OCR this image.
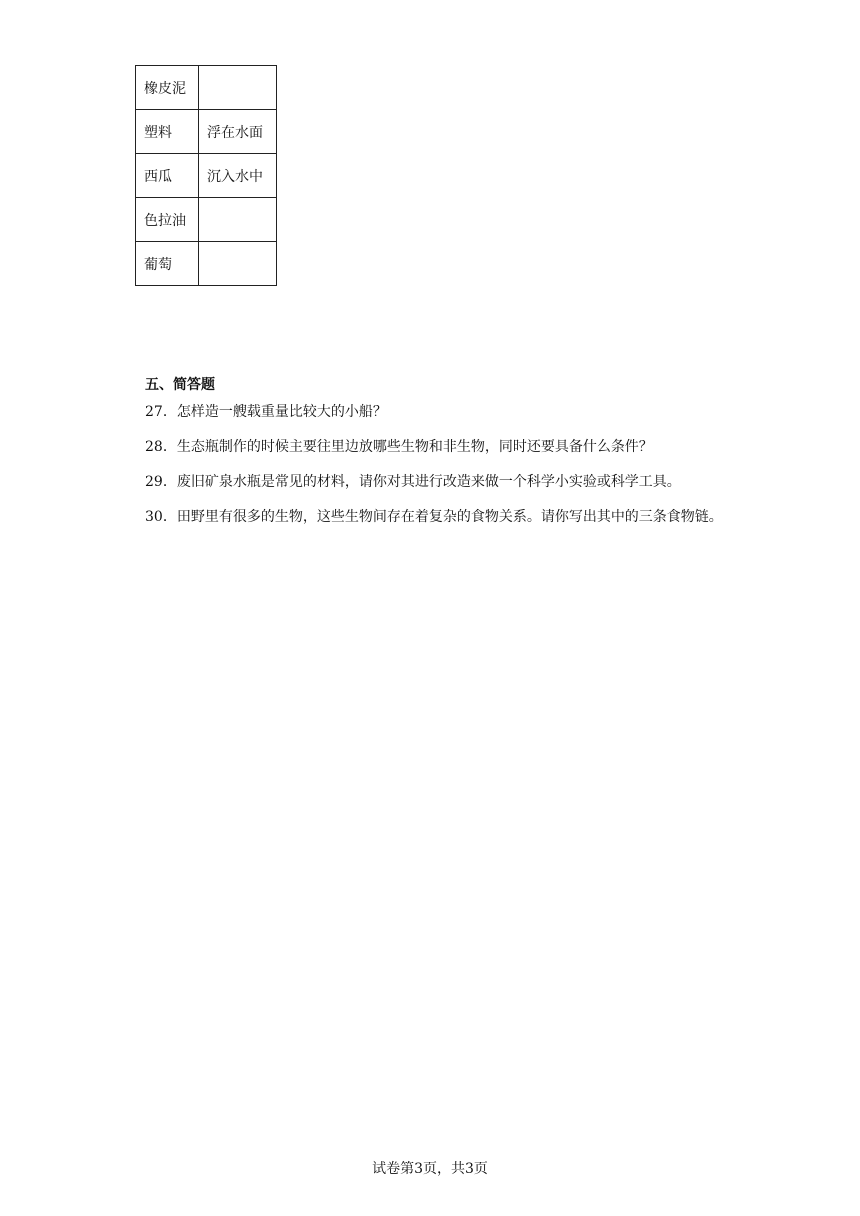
橡皮泥	
塑料	浮在水面
西瓜	沉入水中
色拉油	
葡萄	
五、简答题
27．怎样造一艘载重量比较大的小船？
28．生态瓶制作的时候主要往里边放哪些生物和非生物，同时还要具备什么条件？
29．废旧矿泉水瓶是常见的材料，请你对其进行改造来做一个科学小实验或科学工具。
30．田野里有很多的生物，这些生物间存在着复杂的食物关系。请你写出其中的三条食物链。
试卷第3页，共3页
